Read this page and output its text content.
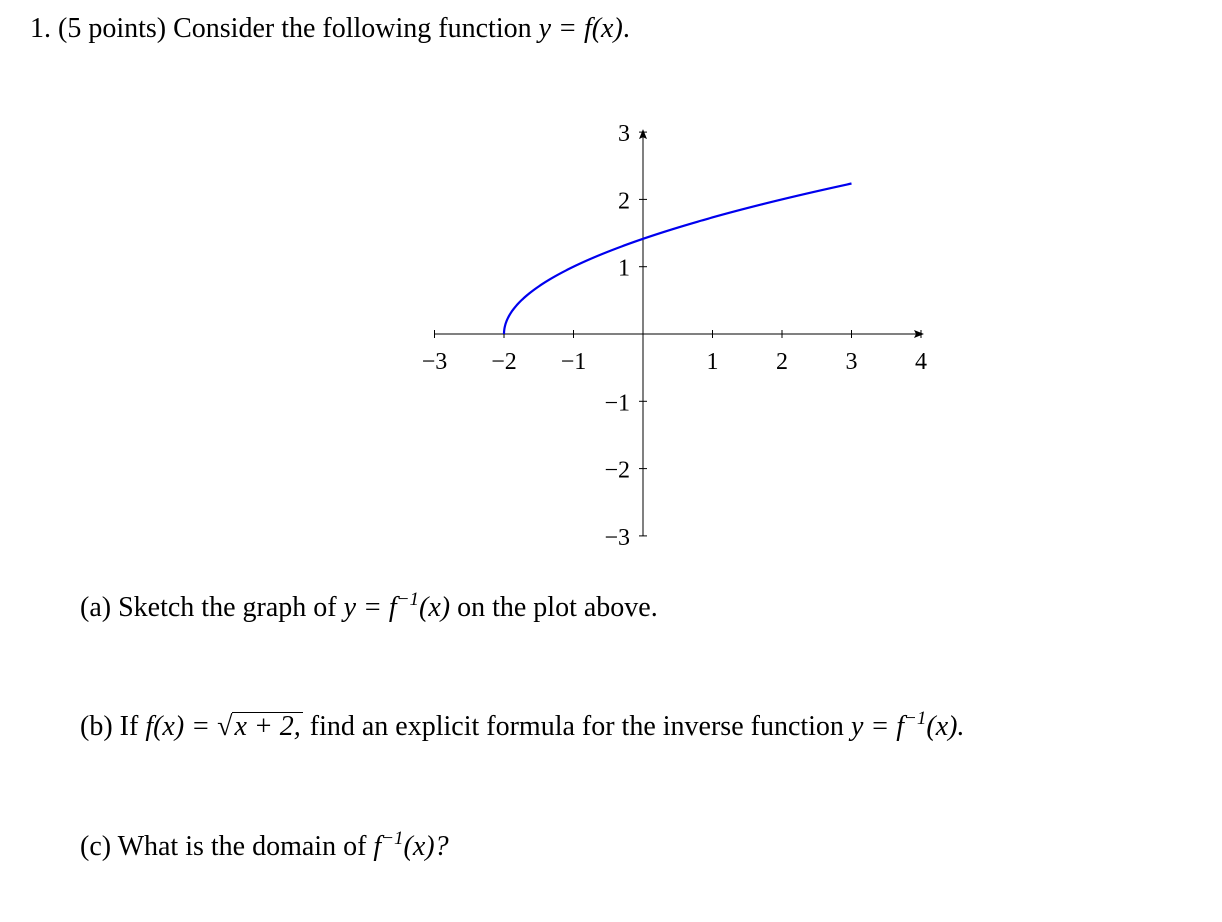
1. (5 points) Consider the following function y = f(x).
−3 −2 −1	1 2 3 4
3
2
1
−1
−2
−3
(a) Sketch the graph of $y = f^{-1}(x)$ on the plot above.
(b) If f(x) = √x + 2, find an explicit formula for the inverse function $y = f^{-1}(x)$.
(c) What is the domain of $f^{-1}(x)$?
